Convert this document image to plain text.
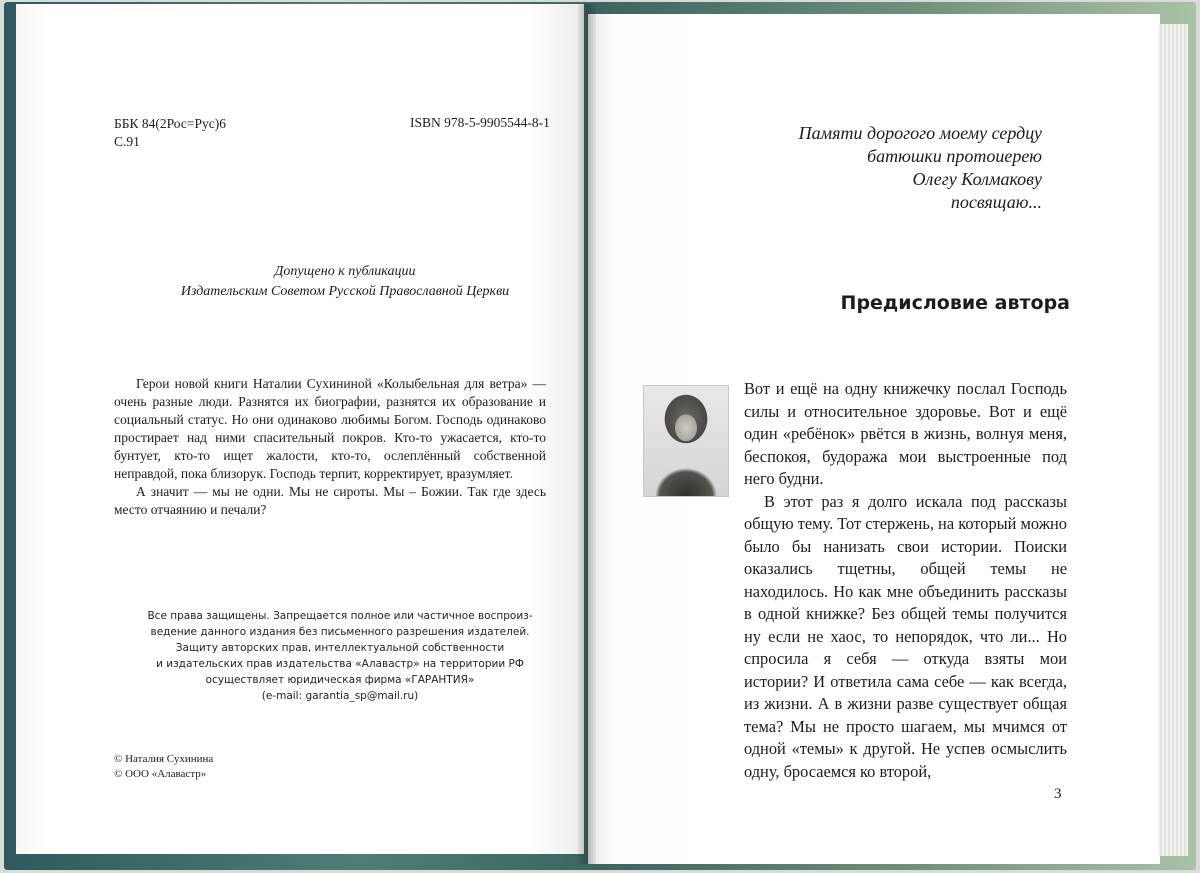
ББК 84(2Рос=Рус)6
С.91
ISBN 978-5-9905544-8-1
Допущено к публикации
Издательским Советом Русской Православной Церкви

Герои новой книги Наталии Сухининой «Колыбельная для ветра» — очень разные люди. Разнятся их биографии, разнятся их образование и социальный статус. Но они одинаково любимы Богом. Господь одинаково простирает над ними спасительный покров. Кто-то ужасается, кто-то бунтует, кто-то ищет жалости, кто-то, ослеплённый собственной неправдой, пока близорук. Господь терпит, корректирует, вразумляет.

А значит — мы не одни. Мы не сироты. Мы – Божии. Так где здесь место отчаянию и печали?

Все права защищены. Запрещается полное или частичное воспроиз-
ведение данного издания без письменного разрешения издателей.
Защиту авторских прав, интеллектуальной собственности
и издательских прав издательства «Алавастр» на территории РФ
осуществляет юридическая фирма «ГАРАНТИЯ»
(e-mail: garantia_sp@mail.ru)
© Наталия Сухинина
© ООО «Алавастр»
Памяти дорогого моему сердцу
батюшки протоиерею
Олегу Колмакову
посвящаю...
Предисловие автора

Вот и ещё на одну книжечку послал Господь силы и относительное здоровье. Вот и ещё один «ребёнок» рвётся в жизнь, волнуя меня, беспокоя, будоража мои выстроенные под него будни.

В этот раз я долго искала под рассказы общую тему. Тот стержень, на который можно было бы нанизать свои истории. Поиски оказались тщетны, общей темы не находилось. Но как мне объединить рассказы в одной книжке? Без общей темы получится ну если не хаос, то непорядок, что ли... Но спросила я себя — откуда взяты мои истории? И ответила сама себе — как всегда, из жизни. А в жизни разве существует общая тема? Мы не просто шагаем, мы мчимся от одной «темы» к другой. Не успев осмыслить одну, бросаемся ко второй,

3
